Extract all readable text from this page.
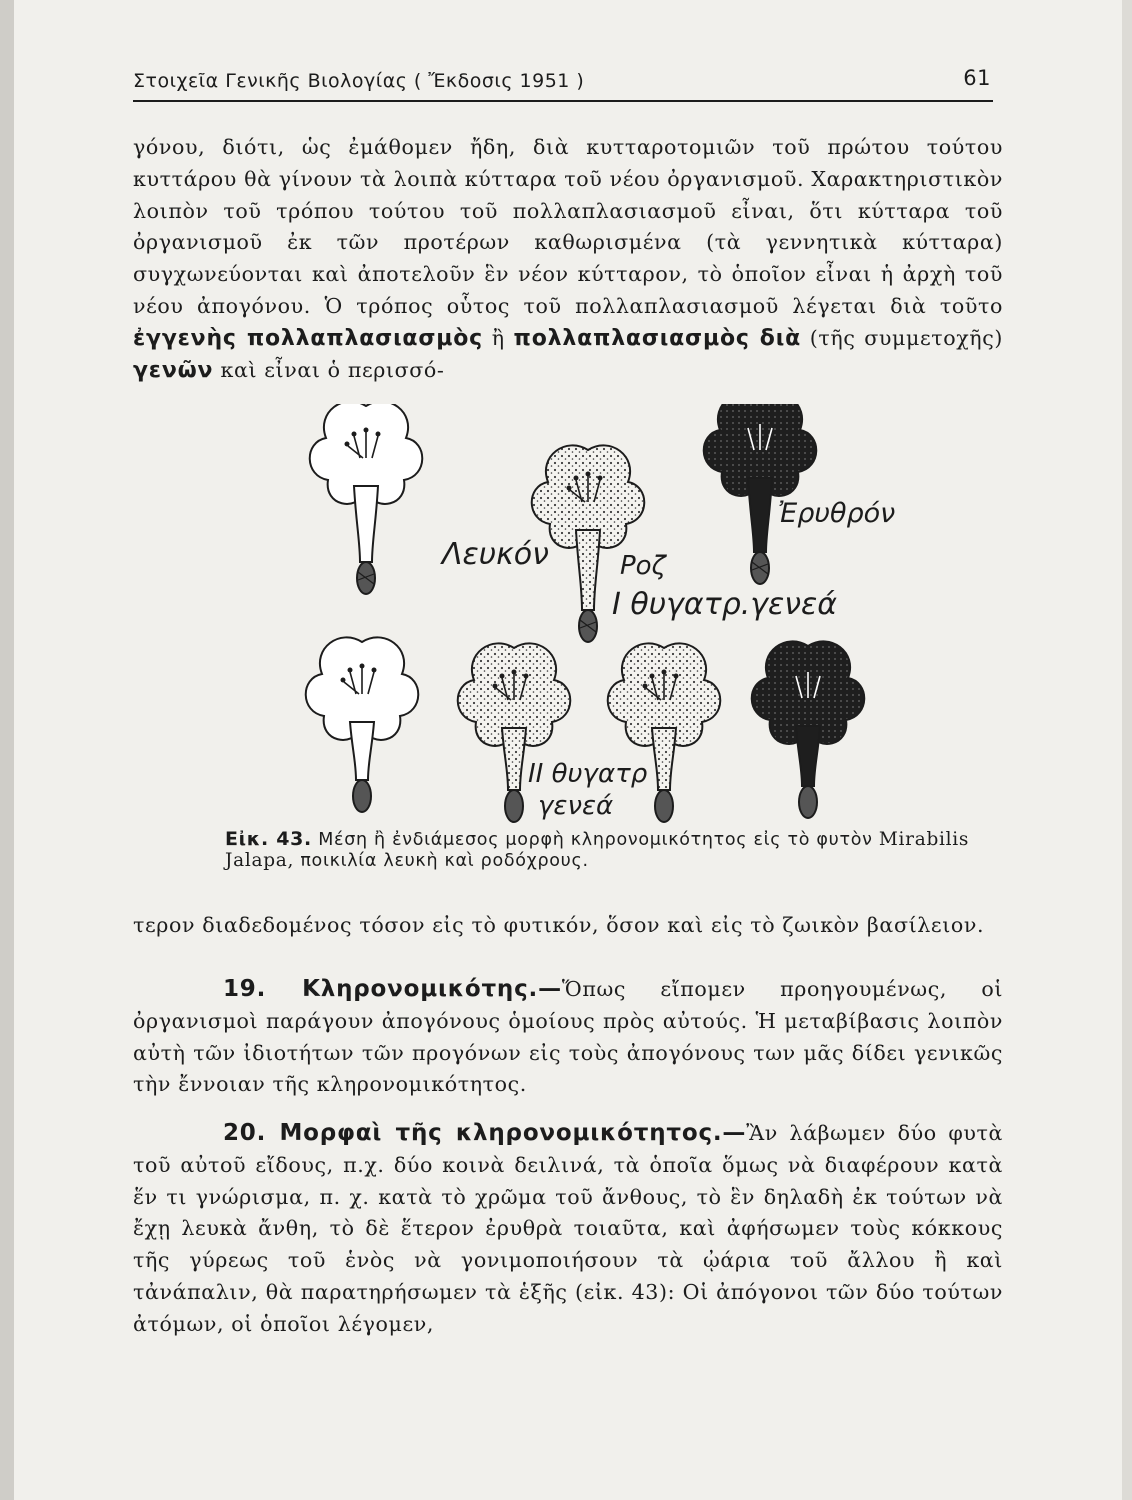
Στοιχεῖα Γενικῆς Βιολογίας ( Ἔκδοσις 1951 )	61

γόνου, διότι, ὡς ἐμάθομεν ἤδη, διὰ κυτταροτομιῶν τοῦ πρώτου τούτου κυττάρου θὰ γίνουν τὰ λοιπὰ κύτταρα τοῦ νέου ὀργανισμοῦ. Χαρακτηριστικὸν λοιπὸν τοῦ τρόπου τούτου τοῦ πολλαπλασιασμοῦ εἶναι, ὅτι κύτταρα τοῦ ὀργανισμοῦ ἐκ τῶν προτέρων καθωρισμένα (τὰ γεννητικὰ κύτταρα) συγχωνεύονται καὶ ἀποτελοῦν ἓν νέον κύτταρον, τὸ ὁποῖον εἶναι ἡ ἀρχὴ τοῦ νέου ἀπογόνου. Ὁ τρόπος οὗτος τοῦ πολλαπλασιασμοῦ λέγεται διὰ τοῦτο ἐγγενὴς πολλαπλασιασμὸς ἢ πολλαπλασιασμὸς διὰ (τῆς συμμετοχῆς) γενῶν καὶ εἶναι ὁ περισσό-

Λευκόν	Ροζ
Ἐρυθρόν
I θυγατρ.γενεά
II θυγατρ
γενεά

Εἰκ. 43. Μέση ἢ ἐνδιάμεσος μορφὴ κληρονομικότητος εἰς τὸ φυτὸν Mirabilis Jalapa, ποικιλία λευκὴ καὶ ροδόχρους.

τερον διαδεδομένος τόσον εἰς τὸ φυτικόν, ὅσον καὶ εἰς τὸ ζωικὸν βασίλειον.

19. Κληρονομικότης.—Ὅπως εἴπομεν προηγουμένως, οἱ ὀργανισμοὶ παράγουν ἀπογόνους ὁμοίους πρὸς αὐτούς. Ἡ μεταβίβασις λοιπὸν αὐτὴ τῶν ἰδιοτήτων τῶν προγόνων εἰς τοὺς ἀπογόνους των μᾶς δίδει γενικῶς τὴν ἔννοιαν τῆς κληρονομικότητος.

20. Μορφαὶ τῆς κληρονομικότητος.—Ἂν λάβωμεν δύο φυτὰ τοῦ αὐτοῦ εἴδους, π.χ. δύο κοινὰ δειλινά, τὰ ὁποῖα ὅμως νὰ διαφέρουν κατὰ ἕν τι γνώρισμα, π. χ. κατὰ τὸ χρῶμα τοῦ ἄνθους, τὸ ἓν δηλαδὴ ἐκ τούτων νὰ ἔχῃ λευκὰ ἄνθη, τὸ δὲ ἕτερον ἐρυθρὰ τοιαῦτα, καὶ ἀφήσωμεν τοὺς κόκκους τῆς γύρεως τοῦ ἑνὸς νὰ γονιμοποιήσουν τὰ ᾠάρια τοῦ ἄλλου ἢ καὶ τἀνάπαλιν, θὰ παρατηρήσωμεν τὰ ἑξῆς (εἰκ. 43): Οἱ ἀπόγονοι τῶν δύο τούτων ἀτόμων, οἱ ὁποῖοι λέγομεν,
